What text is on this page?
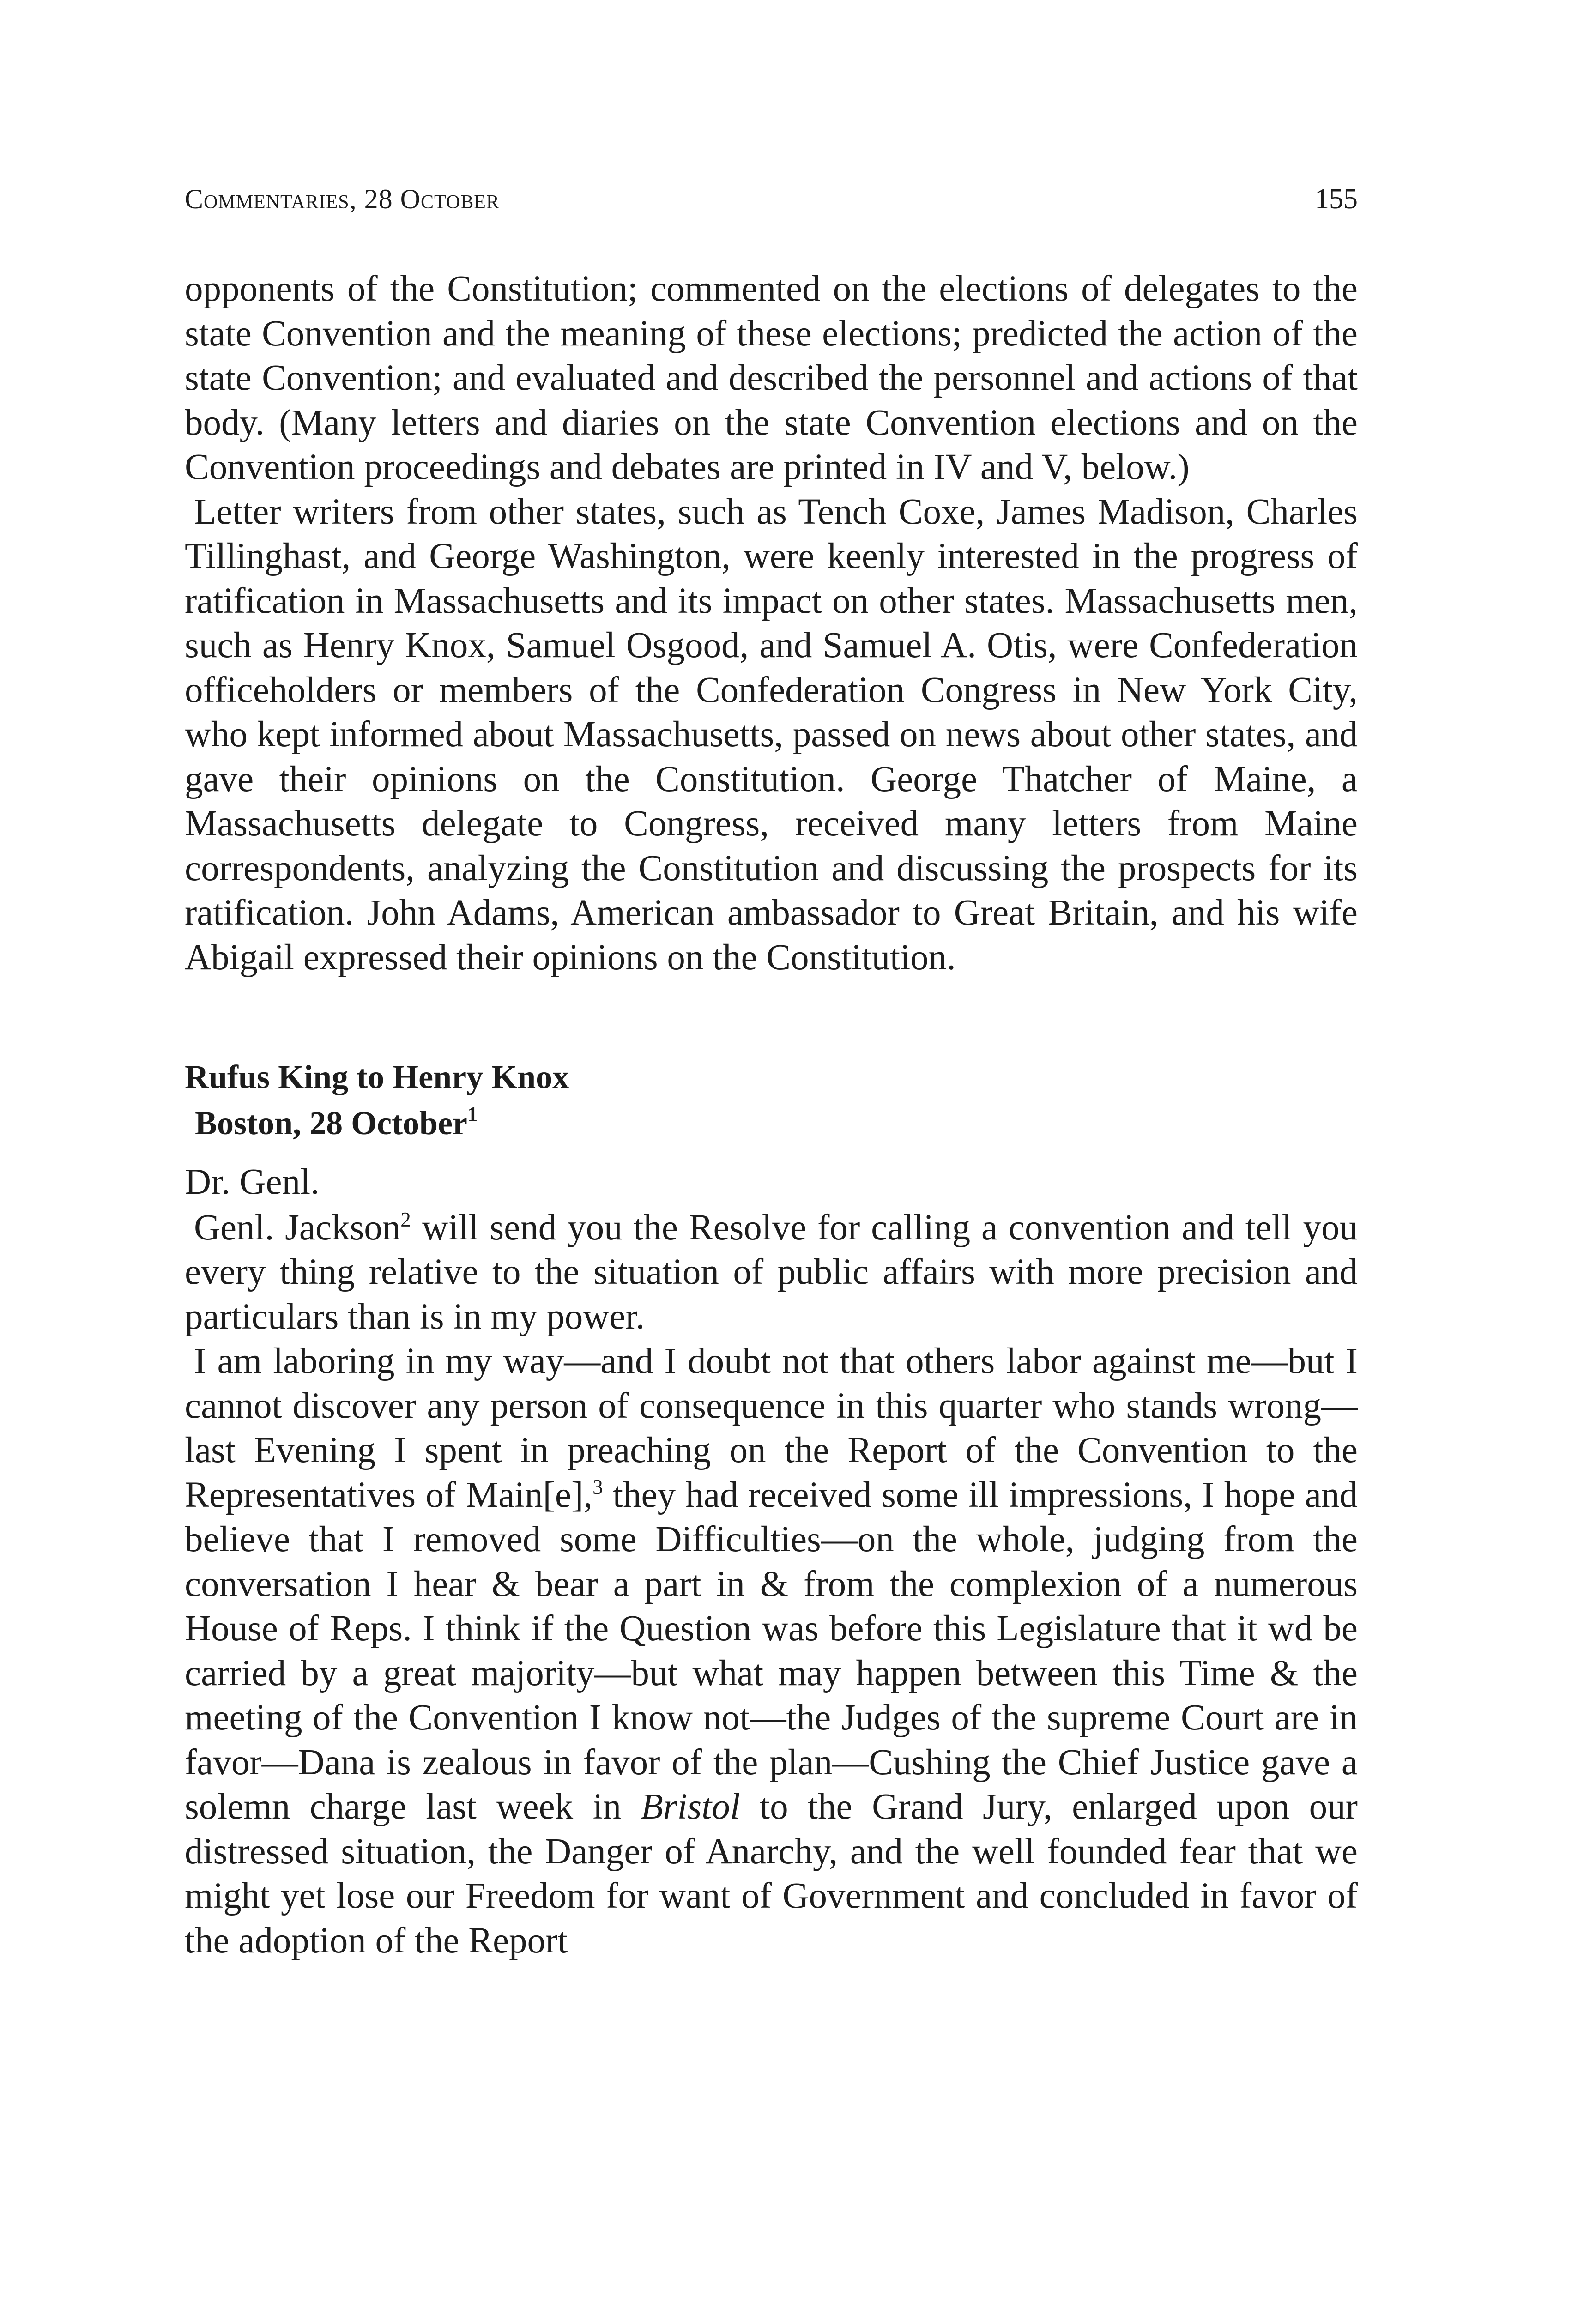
Commentaries, 28 October	155

opponents of the Constitution; commented on the elections of delegates to the state Convention and the meaning of these elections; predicted the action of the state Convention; and evaluated and described the personnel and actions of that body. (Many letters and diaries on the state Convention elections and on the Convention proceedings and debates are printed in IV and V, below.)

Letter writers from other states, such as Tench Coxe, James Madison, Charles Tillinghast, and George Washington, were keenly interested in the progress of ratification in Massachusetts and its impact on other states. Massachusetts men, such as Henry Knox, Samuel Osgood, and Samuel A. Otis, were Confederation officeholders or members of the Confederation Congress in New York City, who kept informed about Massachusetts, passed on news about other states, and gave their opinions on the Constitution. George Thatcher of Maine, a Massachusetts delegate to Congress, received many letters from Maine correspondents, analyzing the Constitution and discussing the prospects for its ratification. John Adams, American ambassador to Great Britain, and his wife Abigail expressed their opinions on the Constitution.

Rufus King to Henry Knox
Boston, 28 October$^1$
Dr. Genl.

Genl. Jackson$^2$ will send you the Resolve for calling a convention and tell you every thing relative to the situation of public affairs with more precision and particulars than is in my power.

I am laboring in my way—and I doubt not that others labor against me—but I cannot discover any person of consequence in this quarter who stands wrong—last Evening I spent in preaching on the Report of the Convention to the Representatives of Main[e],$^3$ they had received some ill impressions, I hope and believe that I removed some Difficulties—on the whole, judging from the conversation I hear & bear a part in & from the complexion of a numerous House of Reps. I think if the Question was before this Legislature that it wd be carried by a great majority—but what may happen between this Time & the meeting of the Convention I know not—the Judges of the supreme Court are in favor—Dana is zealous in favor of the plan—Cushing the Chief Justice gave a solemn charge last week in Bristol to the Grand Jury, enlarged upon our distressed situation, the Danger of Anarchy, and the well founded fear that we might yet lose our Freedom for want of Government and concluded in favor of the adoption of the Report
